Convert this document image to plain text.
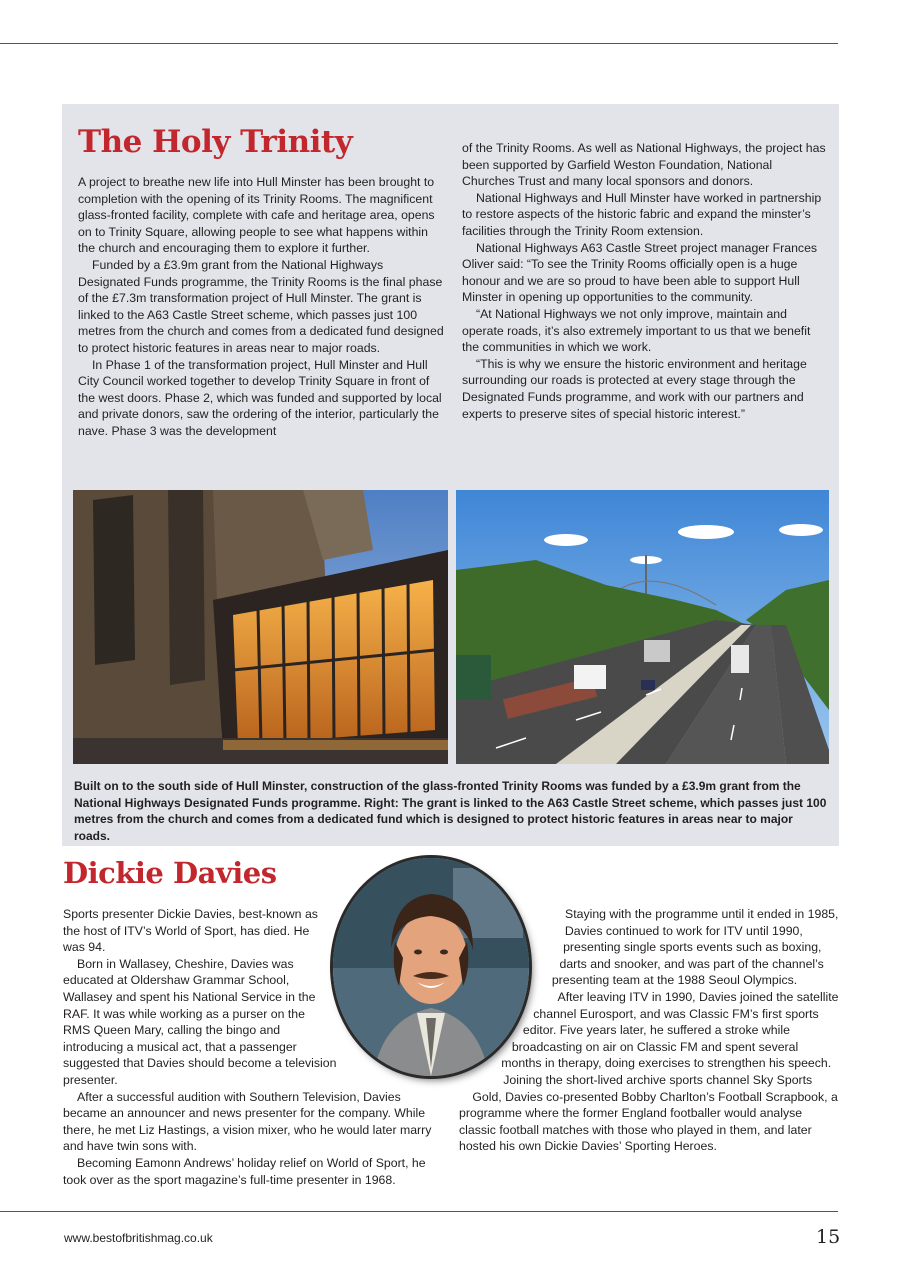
The Holy Trinity

A project to breathe new life into Hull Minster has been brought to completion with the opening of its Trinity Rooms. The magnificent glass-fronted facility, complete with cafe and heritage area, opens on to Trinity Square, allowing people to see what happens within the church and encouraging them to explore it further.

Funded by a £3.9m grant from the National Highways Designated Funds programme, the Trinity Rooms is the final phase of the £7.3m transformation project of Hull Minster. The grant is linked to the A63 Castle Street scheme, which passes just 100 metres from the church and comes from a dedicated fund designed to protect historic features in areas near to major roads.

In Phase 1 of the transformation project, Hull Minster and Hull City Council worked together to develop Trinity Square in front of the west doors. Phase 2, which was funded and supported by local and private donors, saw the ordering of the interior, particularly the nave. Phase 3 was the development

of the Trinity Rooms. As well as National Highways, the project has been supported by Garfield Weston Foundation, National Churches Trust and many local sponsors and donors.

National Highways and Hull Minster have worked in partnership to restore aspects of the historic fabric and expand the minster’s facilities through the Trinity Room extension.

National Highways A63 Castle Street project manager Frances Oliver said: “To see the Trinity Rooms officially open is a huge honour and we are so proud to have been able to support Hull Minster in opening up opportunities to the community.

“At National Highways we not only improve, maintain and operate roads, it’s also extremely important to us that we benefit the communities in which we work.

“This is why we ensure the historic environment and heritage surrounding our roads is protected at every stage through the Designated Funds programme, and work with our partners and experts to preserve sites of special historic interest.”

Built on to the south side of Hull Minster, construction of the glass-fronted Trinity Rooms was funded by a £3.9m grant from the National Highways Designated Funds programme. Right: The grant is linked to the A63 Castle Street scheme, which passes just 100 metres from the church and comes from a dedicated fund which is designed to protect historic features in areas near to major roads.

Dickie Davies

Sports presenter Dickie Davies, best-known as the host of ITV’s World of Sport, has died. He was 94.

Born in Wallasey, Cheshire, Davies was educated at Oldershaw Grammar School, Wallasey and spent his National Service in the RAF. It was while working as a purser on the RMS Queen Mary, calling the bingo and introducing a musical act, that a passenger suggested that Davies should become a television presenter.

After a successful audition with Southern Television, Davies became an announcer and news presenter for the company. While there, he met Liz Hastings, a vision mixer, who he would later marry and have twin sons with.

Becoming Eamonn Andrews’ holiday relief on World of Sport, he took over as the sport magazine’s full-time presenter in 1968.

Staying with the programme until it ended in 1985, Davies continued to work for ITV until 1990, presenting single sports events such as boxing, darts and snooker, and was part of the channel’s presenting team at the 1988 Seoul Olympics.

After leaving ITV in 1990, Davies joined the satellite channel Eurosport, and was Classic FM’s first sports editor. Five years later, he suffered a stroke while broadcasting on air on Classic FM and spent several months in therapy, doing exercises to strengthen his speech.

Joining the short-lived archive sports channel Sky Sports Gold, Davies co-presented Bobby Charlton’s Football Scrapbook, a programme where the former England footballer would analyse classic football matches with those who played in them, and later hosted his own Dickie Davies’ Sporting Heroes.

www.bestofbritishmag.co.uk	15
